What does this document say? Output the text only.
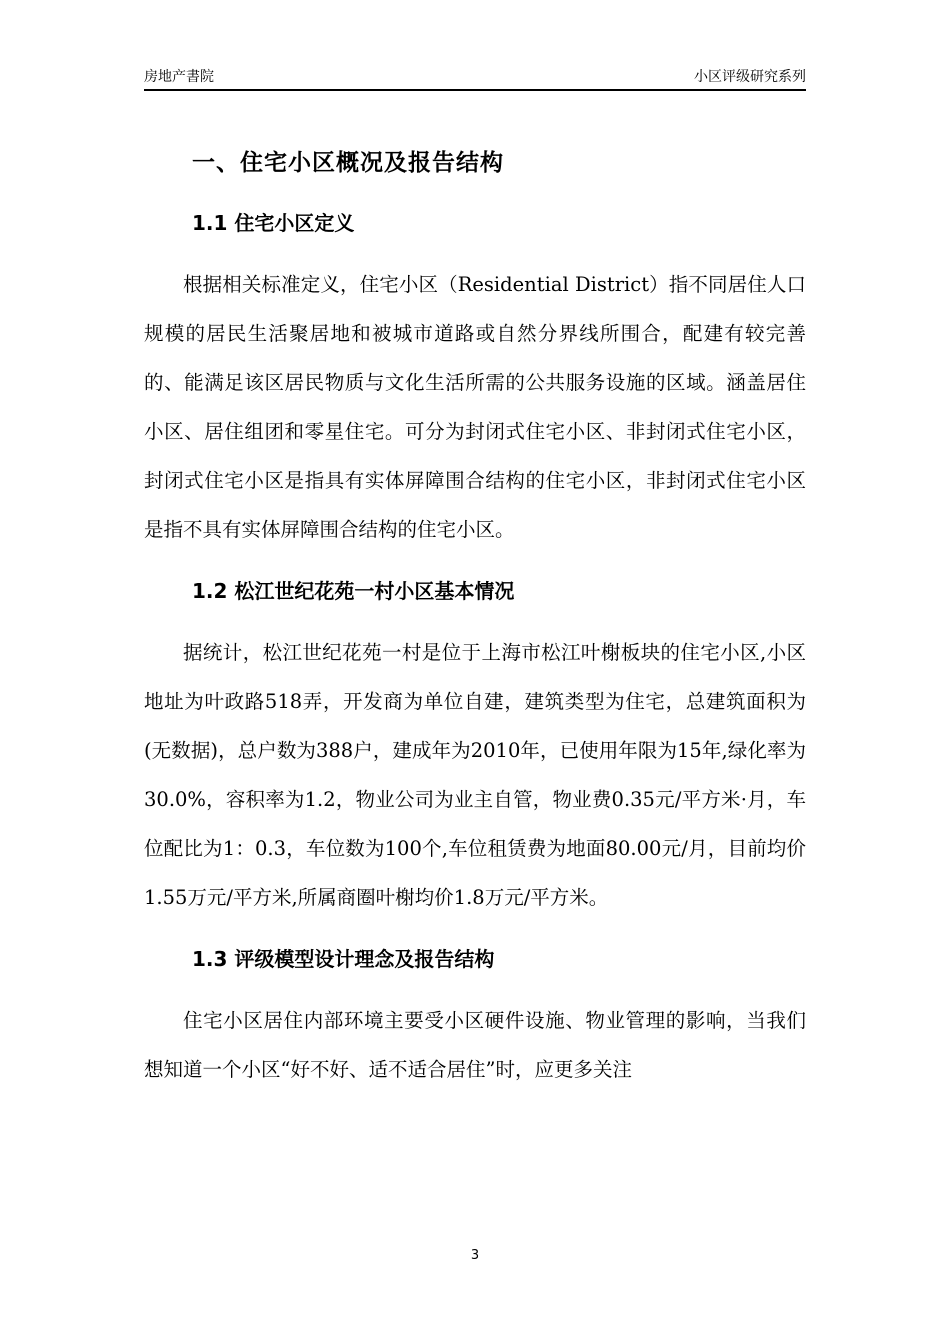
房地产書院	小区评级研究系列
一、住宅小区概况及报告结构
1.1 住宅小区定义

根据相关标准定义，住宅小区（Residential District）指不同居住人口规模的居民生活聚居地和被城市道路或自然分界线所围合，配建有较完善的、能满足该区居民物质与文化生活所需的公共服务设施的区域。涵盖居住小区、居住组团和零星住宅。可分为封闭式住宅小区、非封闭式住宅小区，封闭式住宅小区是指具有实体屏障围合结构的住宅小区，非封闭式住宅小区是指不具有实体屏障围合结构的住宅小区。

1.2 松江世纪花苑一村小区基本情况

据统计，松江世纪花苑一村是位于上海市松江叶榭板块的住宅小区,小区地址为叶政路518弄，开发商为单位自建，建筑类型为住宅，总建筑面积为(无数据)，总户数为388户，建成年为2010年，已使用年限为15年,绿化率为30.0%，容积率为1.2，物业公司为业主自管，物业费0.35元/平方米·月，车位配比为1：0.3，车位数为100个,车位租赁费为地面80.00元/月，目前均价1.55万元/平方米,所属商圈叶榭均价1.8万元/平方米。

1.3 评级模型设计理念及报告结构

住宅小区居住内部环境主要受小区硬件设施、物业管理的影响，当我们想知道一个小区“好不好、适不适合居住”时，应更多关注

3
